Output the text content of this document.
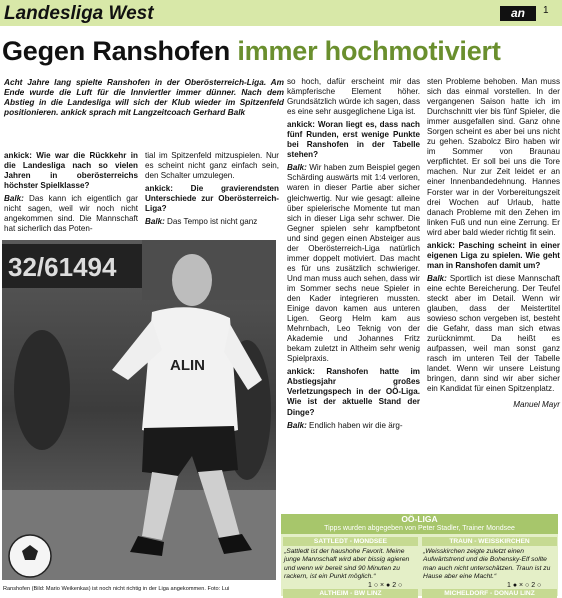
Landesliga West	1
an
Gegen Ranshofen immer hochmotiviert
Acht Jahre lang spielte Ranshofen in der Oberösterreich-Liga. Am Ende wurde die Luft für die Innviertler immer dünner. Nach dem Abstieg in die Landesliga will sich der Klub wieder im Spitzenfeld positionieren. ankick sprach mit Langzeitcoach Gerhard Balk

ankick: Wie war die Rückkehr in die Landesliga nach so vielen Jahren in oberösterreichs höchster Spielklasse?

Balk: Das kann ich eigentlich gar nicht sagen, weil wir noch nicht angekommen sind. Die Mannschaft hat sicherlich das Poten-

tial im Spitzenfeld mitzuspielen. Nur es scheint nicht ganz einfach sein, den Schalter umzulegen.

ankick: Die gravierendsten Unterschiede zur Oberösterreich-Liga?

Balk: Das Tempo ist nicht ganz

32/61494
ALIN
Ranshofen (Bild: Mario Weikenkas) ist noch nicht richtig in der Liga angekommen. Foto: Lui

so hoch, dafür erscheint mir das kämpferische Element höher. Grundsätzlich würde ich sagen, dass es eine sehr ausgeglichene Liga ist.

ankick: Woran liegt es, dass nach fünf Runden, erst wenige Punkte bei Ranshofen in der Tabelle stehen?

Balk: Wir haben zum Beispiel gegen Schärding auswärts mit 1:4 verloren, waren in dieser Partie aber sicher gleichwertig. Nur wie gesagt: alleine über spielerische Momente tut man sich in dieser Liga sehr schwer. Die Gegner spielen sehr kampfbetont und sind gegen einen Absteiger aus der Oberösterreich-Liga natürlich immer doppelt motiviert. Das macht es für uns zusätzlich schwieriger. Und man muss auch sehen, dass wir im Sommer sechs neue Spieler in den Kader integrieren mussten. Einige davon kamen aus unteren Ligen. Georg Helm kam aus Mehrnbach, Leo Teknig von der Akademie und Johannes Fritz bekam zuletzt in Altheim sehr wenig Spielpraxis.

ankick: Ranshofen hatte im Abstiegsjahr großes Verletzungspech in der OÖ-Liga. Wie ist der aktuelle Stand der Dinge?

Balk: Endlich haben wir die ärg-

sten Probleme behoben. Man muss sich das einmal vorstellen. In der vergangenen Saison hatte ich im Durchschnitt vier bis fünf Spieler, die immer ausgefallen sind. Ganz ohne Sorgen scheint es aber bei uns nicht zu gehen. Szabolcz Biro haben wir im Sommer von Braunau verpflichtet. Er soll bei uns die Tore machen. Nur zur Zeit leidet er an einer Innenbandedehnung. Hannes Forster war in der Vorbereitungszeit drei Wochen auf Urlaub, hatte danach Probleme mit den Zehen im linken Fuß und nun eine Zerrung. Er wird aber bald wieder richtig fit sein.

ankick: Pasching scheint in einer eigenen Liga zu spielen. Wie geht man in Ranshofen damit um?

Balk: Sportlich ist diese Mannschaft eine echte Bereicherung. Der Teufel steckt aber im Detail. Wenn wir glauben, dass der Meistertitel sowieso schon vergeben ist, besteht die Gefahr, dass man sich etwas zurücknimmt. Da heißt es aufpassen, weil man sonst ganz rasch im unteren Teil der Tabelle landet. Wenn wir unsere Leistung bringen, dann sind wir aber sicher ein Kandidat für einen Spitzenplatz.

Manuel Mayr

OÖ-LIGA
Tipps wurden abgegeben von Peter Stadler, Trainer Mondsee
SATTLEDT - MONDSEE
„Sattledt ist der haushohe Favorit. Meine junge Mannschaft wird aber bissig agieren und wenn wir bereit sind 90 Minuten zu rackern, ist ein Punkt möglich.“
1 ○ × ● 2 ○
TRAUN - WEISSKIRCHEN
„Weisskirchen zeigte zuletzt einen Aufwärtstrend und die Bohensky-Elf sollte man auch nicht unterschätzen. Traun ist zu Hause aber eine Macht.“
1 ● × ○ 2 ○
ALTHEIM - BW LINZ	MICHELDORF - DONAU LINZ
